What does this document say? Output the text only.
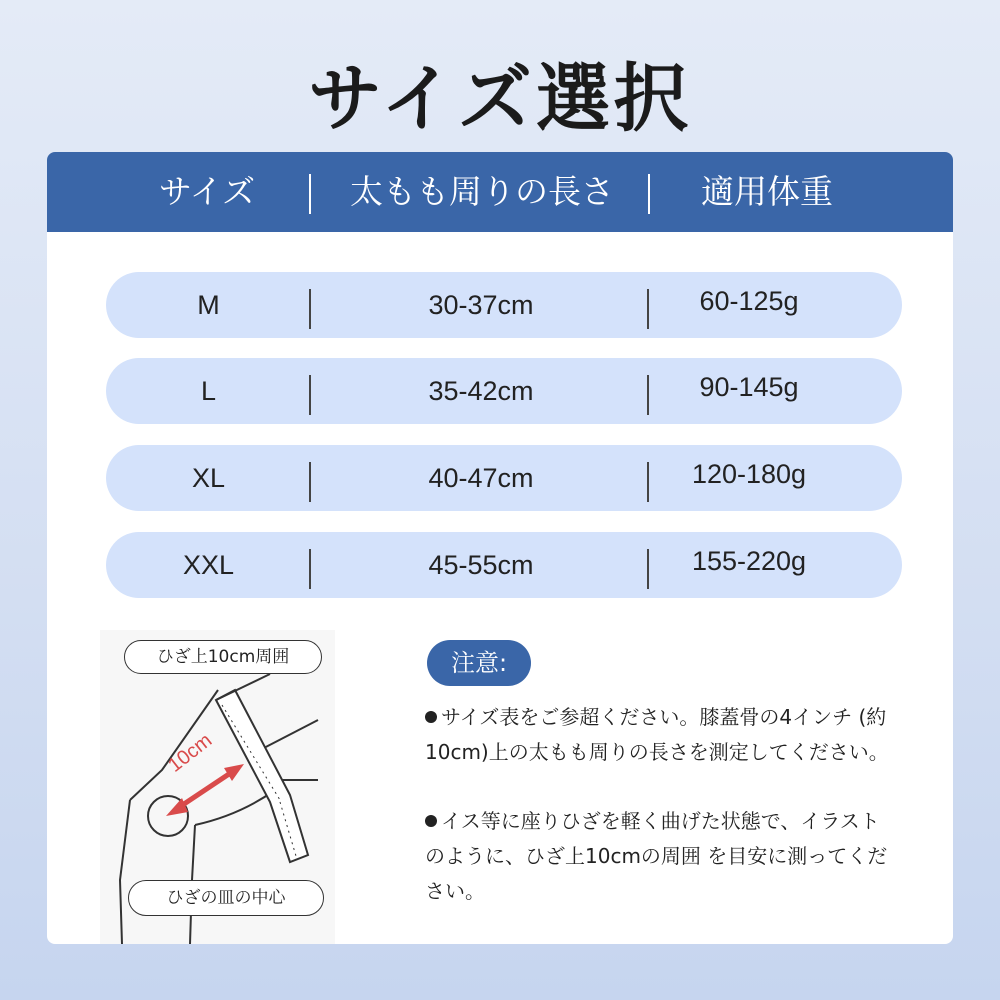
サイズ選択
サイズ	太もも周りの長さ	適用体重
M	30-37cm	60-125g
L	35-42cm	90-145g
XL	40-47cm	120-180g
XXL	45-55cm	155-220g
10cm
ひざ上10cm周囲
ひざの皿の中心
注意:
サイズ表をご参超ください。膝蓋骨の4インチ (約10cm)上の太もも周りの長さを測定してください。
イス等に座りひざを軽く曲げた状態で、イラストのように、ひざ上10cmの周囲 を目安に測ってください。
